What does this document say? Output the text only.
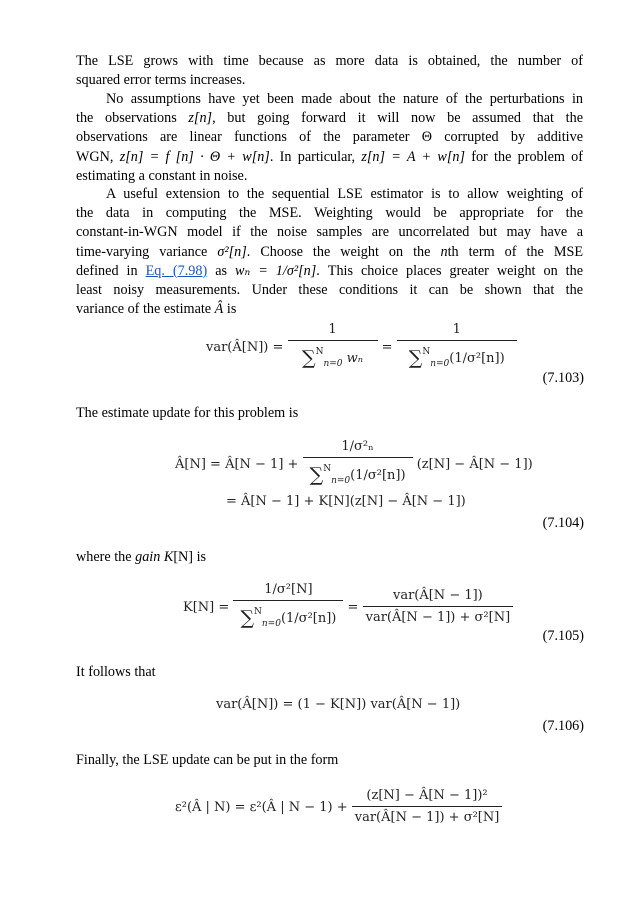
The LSE grows with time because as more data is obtained, the number of
squared error terms increases.
No assumptions have yet been made about the nature of the perturbations in
the observations z[n], but going forward it will now be assumed that the
observations are linear functions of the parameter Θ corrupted by additive
WGN, z[n] = f [n] · Θ + w[n]. In particular, z[n] = A + w[n] for the problem of
estimating a constant in noise.
A useful extension to the sequential LSE estimator is to allow weighting of
the data in computing the MSE. Weighting would be appropriate for the
constant-in-WGN model if the noise samples are uncorrelated but may have a
time-varying variance σ²[n]. Choose the weight on the nth term of the MSE
defined in Eq. (7.98) as wₙ = 1/σ²[n]. This choice places greater weight on the
least noisy measurements. Under these conditions it can be shown that the
variance of the estimate Â is
var(Â[N]) = $\frac{1}{\sum^N_{n=0} w_n} = \frac{1}{\sum^N_{n=0}(1/\sigma^2[n])}$
(7.103)
The estimate update for this problem is
Â[N] = Â[N − $1] + \frac{\text{1/σ²ₙ}}{\sum^N_{n=0}(1/\sigma^2[n])} (z[N]$ − Â[N − 1])
= Â[N − 1] + K[N](z[N] − Â[N − 1])
(7.104)
where the gain K[N] is
$K[N] = \frac{\text{1/σ²[N]}}{\sum^N_{n=0}(1/\sigma^2[n])} = \frac{\text{var(Â[N − 1])}}{\text{var(Â[N − 1]) + σ²[N]}}$
(7.105)
It follows that
var(Â[N]) = (1 − K[N]) var(Â[N − 1])
(7.106)
Finally, the LSE update can be put in the form
ε²(Â | N) = ε²(Â | $N - 1) + \frac{\text{(z[N] − Â[N − 1])²}}{\text{var(Â[N − 1]) + σ²[N]}}$
